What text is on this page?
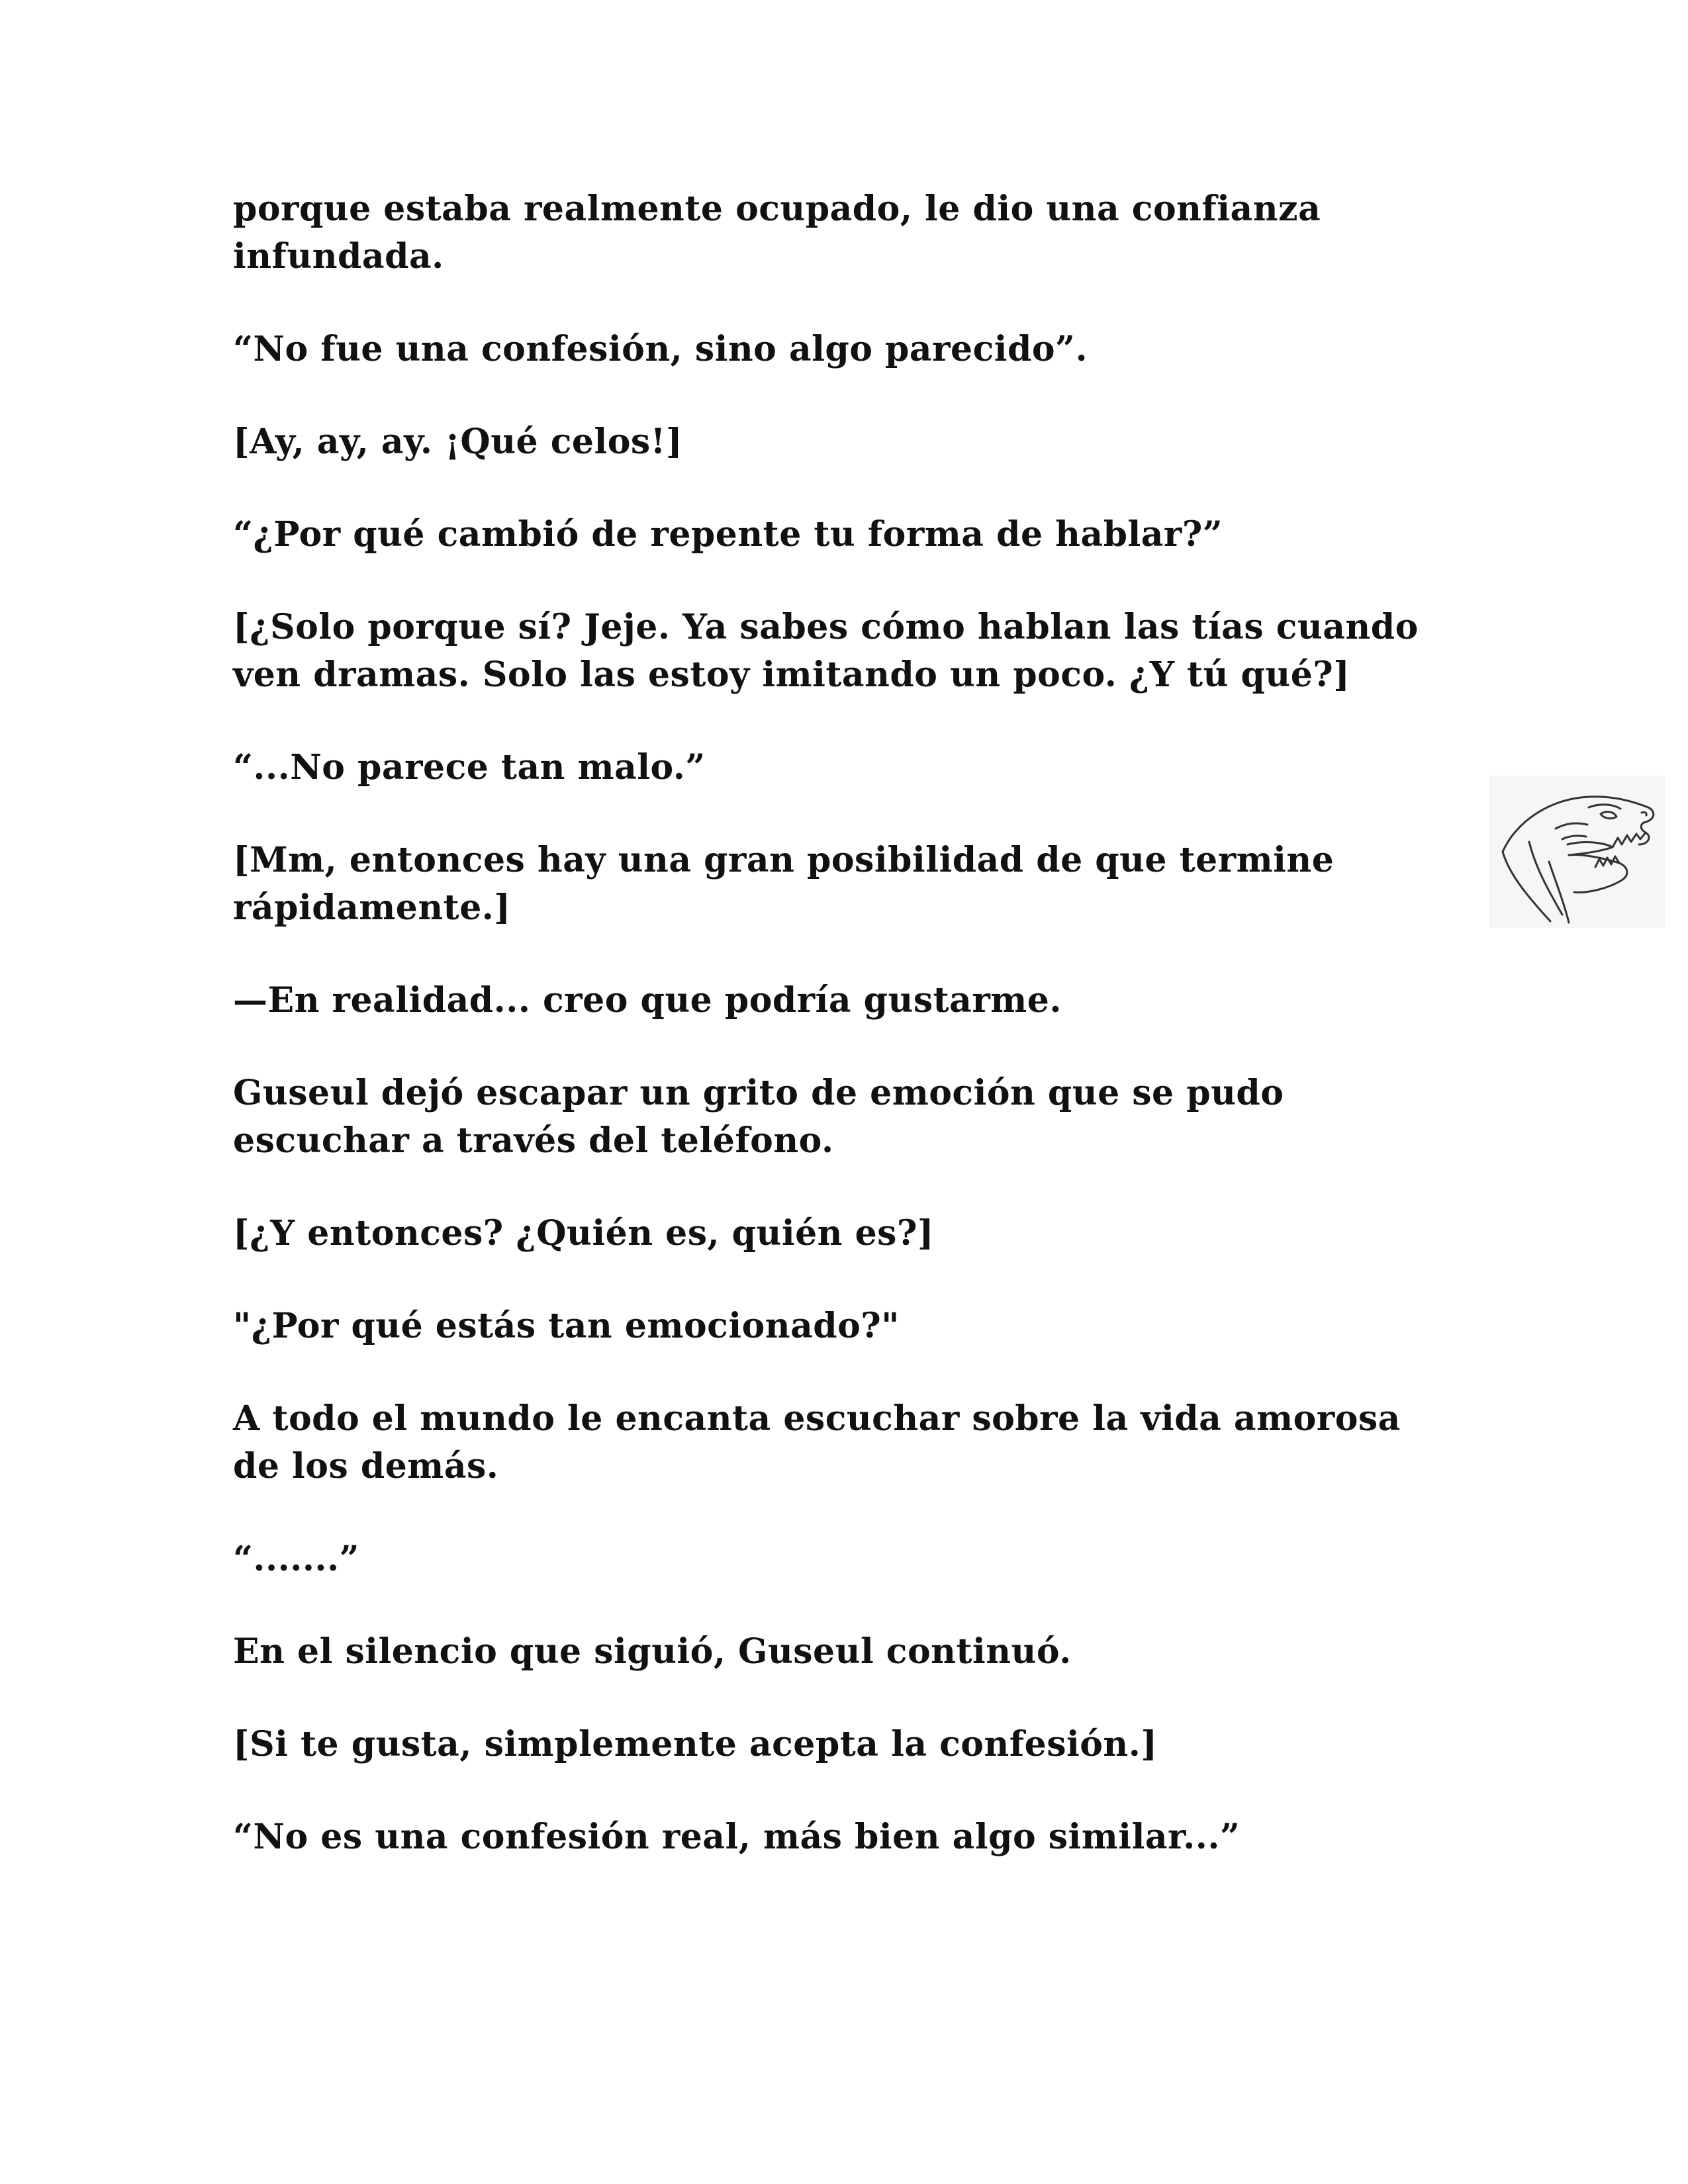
porque estaba realmente ocupado, le dio una confianza infundada.

“No fue una confesión, sino algo parecido”.

[Ay, ay, ay. ¡Qué celos!]

“¿Por qué cambió de repente tu forma de hablar?”

[¿Solo porque sí? Jeje. Ya sabes cómo hablan las tías cuando ven dramas. Solo las estoy imitando un poco. ¿Y tú qué?]

“...No parece tan malo.”

[Mm, entonces hay una gran posibilidad de que termine rápidamente.]

—En realidad... creo que podría gustarme.

Guseul dejó escapar un grito de emoción que se pudo escuchar a través del teléfono.

[¿Y entonces? ¿Quién es, quién es?]

"¿Por qué estás tan emocionado?"

A todo el mundo le encanta escuchar sobre la vida amorosa de los demás.

“.......”

En el silencio que siguió, Guseul continuó.

[Si te gusta, simplemente acepta la confesión.]

“No es una confesión real, más bien algo similar...”
